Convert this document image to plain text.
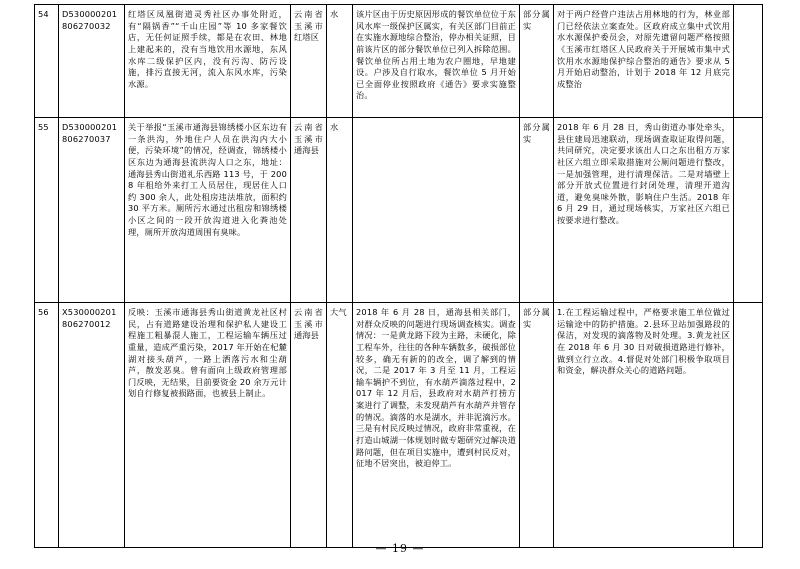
54	D530000201806270032	红塔区凤凰街道灵秀社区办事处附近，有“隔锅香”“千山庄园”等 10 多家餐饮店，无任何证照手续，都是在农田、林地上建起来的，没有当地饮用水源地，东风水库二级保护区内，没有污沟、防污设施，排污直接无河，流入东风水库，污染水源。	云南省 玉溪市 红塔区	水	该片区由于历史原因形成的餐饮单位位于东风水库一级保护区属实，有关区部门目前正在实施水源地综合整治，停办相关证照，目前该片区的部分餐饮单位已列入拆除范围。餐饮单位所占用土地为农户圈地，早地建设。户涉及自行取水，餐饮单位 5 月开始已全面停业按照政府《通告》要求实施整治。	部分属实	对于两户经营户违法占用林地的行为，林业部门已经依法立案查处。区政府成立集中式饮用水水源保护委员会，对原先遗留问题严格按照《玉溪市红塔区人民政府关于开展城市集中式饮用水水源地保护综合整治的通告》要求从 5 月开始启动整治，计划于 2018 年 12 月底完成整治	
55	D530000201806270037	关于举报“玉溪市通海县锦绣楼小区东边有一条洪沟，外地住户人员在洪沟内大小便，污染环境”的情况，经调查，锦绣楼小区东边为通海县流洪沟人口之东，地址：通海县秀山街道礼乐西路 113 号，于 2008 年租给外来打工人员居住，现居住人口约 300 余人，此处租房违法堆放，面积约 30 平方米。厕所污水通过出租房和锦绣楼小区之间的一段开放沟道进入化粪池处理，厕所开放沟道周围有臭味。	云南省 玉溪市 通海县	水		部分属实	2018 年 6 月 28 日，秀山街道办事处牵头，县住建局迅速联动，现场调查取证取得问题，共同研究，决定要求该出人口之东出租方万家社区六组立即采取措施对公厕问题进行整改，一是加强管理，进行清理保洁。二是对墙壁上部分开放式位置进行封闭处理，清理开道沟道，避免臭味外散，影响住户生活。2018 年 6 月 29 日，通过现场核实，万家社区六组已按要求进行整改。	
56	X530000201806270012	反映：玉溪市通海县秀山街道黄龙社区村民，占有道路建设治理和保护私人建设工程施工粗暴混人施工，工程运输车辆压过重量，造成严重污染，2017 年开始在杞麓湖对接头葫芦，一路上洒落污水和尘葫芦，散发恶臭。曾有面向上级政府管理部门反映，无结果，目前要资金 20 余万元计划自行修复被损路面，也被县上制止。	云南省 玉溪市 通海县	大气	2018 年 6 月 28 日，通海县相关部门，对群众反映的问题进行现场调查核实。调查情况：一是黄龙路下段为主路，未硬化，除工程车外，往往的各种车辆数多，破损部位较多，确无有新的的改全，调了解到的情况，二是 2017 年 3 月至 11 月，工程运输车辆护不到位，有水葫芦滴落过程中，2017 年 12 月后，县政府对水葫芦打捞方案进行了调整，未发现葫芦有水葫芦并管存的情况。滴落的水是湖水，并非泥滴污水。三是有村民反映过情况，政府非常重视，在打造山城湖一体规划时做专题研究过解决道路问题，但在项目实施中，遭到村民反对，征地不居突出，被迫停工。	部分属实	1.在工程运输过程中，严格要求施工单位做过运输途中的防护措施。2.县环卫站加强路段的保洁，对发现的滴落物及时处理。3.黄龙社区在 2018 年 6 月 30 日对破损道路进行修补，做到立行立改。4.督促对处部门积极争取项目和资金，解决群众关心的道路问题。	
— 19 —
